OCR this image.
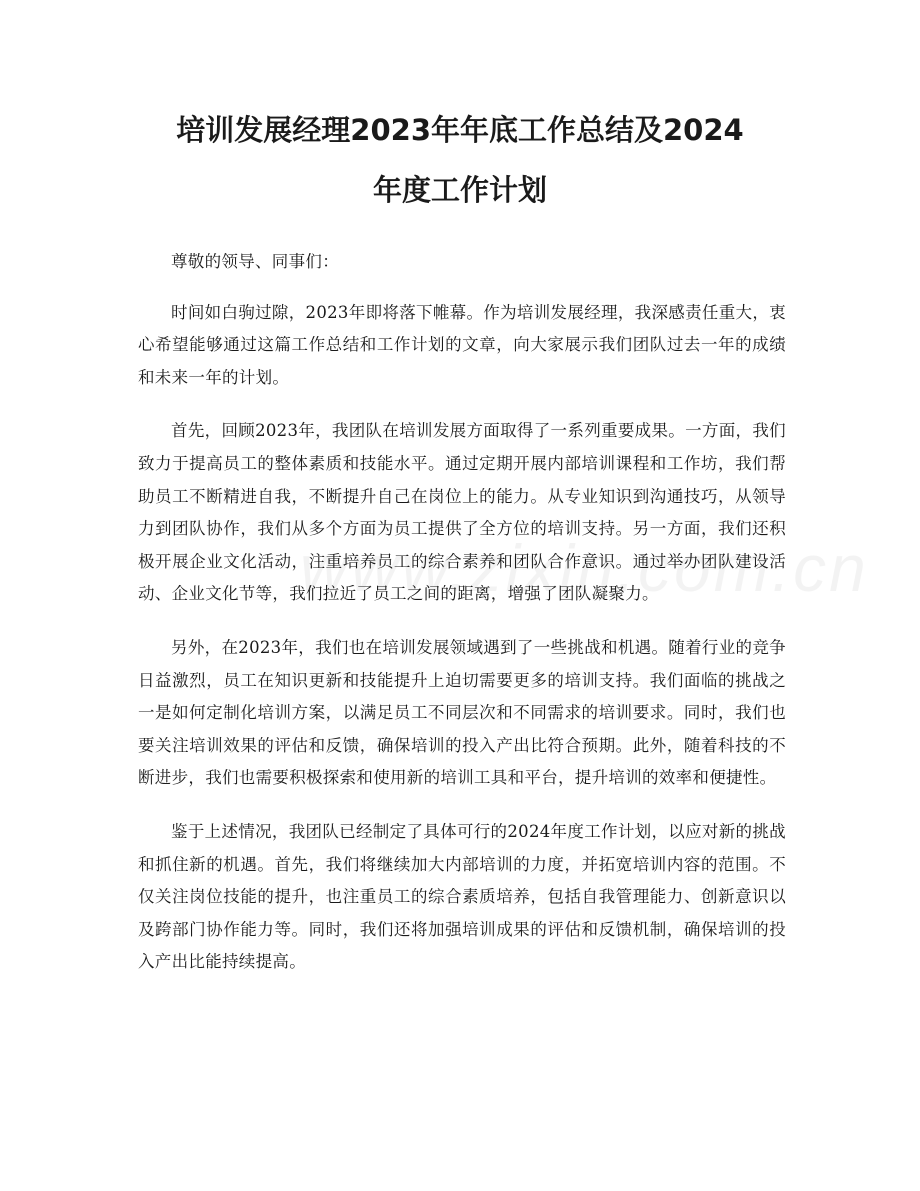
培训发展经理2023年年底工作总结及2024
年度工作计划

尊敬的领导、同事们：

时间如白驹过隙，2023年即将落下帷幕。作为培训发展经理，我深感责任重大，衷心希望能够通过这篇工作总结和工作计划的文章，向大家展示我们团队过去一年的成绩和未来一年的计划。

首先，回顾2023年，我团队在培训发展方面取得了一系列重要成果。一方面，我们致力于提高员工的整体素质和技能水平。通过定期开展内部培训课程和工作坊，我们帮助员工不断精进自我，不断提升自己在岗位上的能力。从专业知识到沟通技巧，从领导力到团队协作，我们从多个方面为员工提供了全方位的培训支持。另一方面，我们还积极开展企业文化活动，注重培养员工的综合素养和团队合作意识。通过举办团队建设活动、企业文化节等，我们拉近了员工之间的距离，增强了团队凝聚力。

另外，在2023年，我们也在培训发展领域遇到了一些挑战和机遇。随着行业的竞争日益激烈，员工在知识更新和技能提升上迫切需要更多的培训支持。我们面临的挑战之一是如何定制化培训方案，以满足员工不同层次和不同需求的培训要求。同时，我们也要关注培训效果的评估和反馈，确保培训的投入产出比符合预期。此外，随着科技的不断进步，我们也需要积极探索和使用新的培训工具和平台，提升培训的效率和便捷性。

鉴于上述情况，我团队已经制定了具体可行的2024年度工作计划，以应对新的挑战和抓住新的机遇。首先，我们将继续加大内部培训的力度，并拓宽培训内容的范围。不仅关注岗位技能的提升，也注重员工的综合素质培养，包括自我管理能力、创新意识以及跨部门协作能力等。同时，我们还将加强培训成果的评估和反馈机制，确保培训的投入产出比能持续提高。
